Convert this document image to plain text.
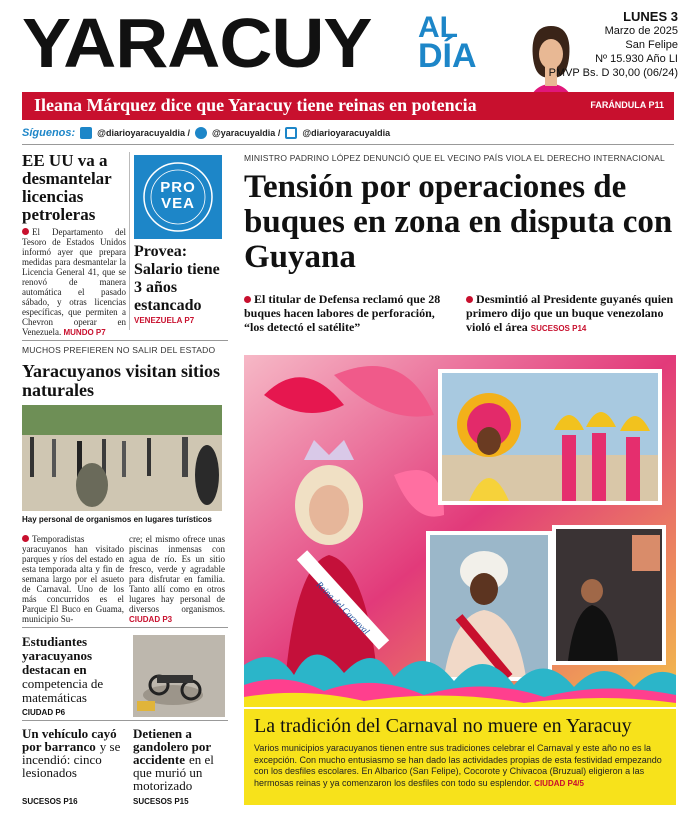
YARACUY AL
DÍA
LUNES 3
Marzo de 2025
San Felipe
Nº 15.930 Año LI
PMVP Bs. D 30,00 (06/24)
Ileana Márquez dice que Yaracuy tiene reinas en potencia	FARÁNDULA P11
Síguenos: @diarioyaracuyaldia / @yaracuyaldia / @diarioyaracuyaldia
EE UU va a desmantelar licencias petroleras
El Departamento del Tesoro de Estados Unidos informó ayer que prepara medidas para desmantelar la Licencia General 41, que se renovó de manera automática el pasado sábado, y otras licencias específicas, que permiten a Chevron operar en Venezuela. MUNDO P7
PRO VEA
Provea: Salario tiene 3 años estancado
VENEZUELA P7
MINISTRO PADRINO LÓPEZ DENUNCIÓ QUE EL VECINO PAÍS VIOLA EL DERECHO INTERNACIONAL
Tensión por operaciones de buques en zona en disputa con Guyana
El titular de Defensa reclamó que 28 buques hacen labores de perforación, “los detectó el satélite”
Desmintió al Presidente guyanés quien primero dijo que un buque venezolano violó el área SUCESOS P14
MUCHOS PREFIEREN NO SALIR DEL ESTADO
Yaracuyanos visitan sitios naturales
Hay personal de organismos en lugares turísticos
Temporadistas yaracuyanos han visitado parques y ríos del estado en esta temporada alta y fin de semana largo por el asueto de Carnaval. Uno de los más concurridos es el Parque El Buco en Guama, municipio Su-
cre; el mismo ofrece unas piscinas inmensas con agua de río. Es un sitio fresco, verde y agradable para disfrutar en familia. Tanto allí como en otros lugares hay personal de diversos organismos. CIUDAD P3
Estudiantes yaracuyanos destacan en competencia de matemáticas
CIUDAD P6
Un vehículo cayó por barranco y se incendió: cinco lesionados
SUCESOS P16
Detienen a gandolero por accidente en el que murió un motorizado
SUCESOS P15
Reina del Carnaval
La tradición del Carnaval no muere en Yaracuy
Varios municipios yaracuyanos tienen entre sus tradiciones celebrar el Carnaval y este año no es la excepción. Con mucho entusiasmo se han dado las actividades propias de esta festividad empezando con los desfiles escolares. En Albarico (San Felipe), Cocorote y Chivacoa (Bruzual) eligieron a las hermosas reinas y ya comenzaron los desfiles con todo su esplendor. CIUDAD P4/5
